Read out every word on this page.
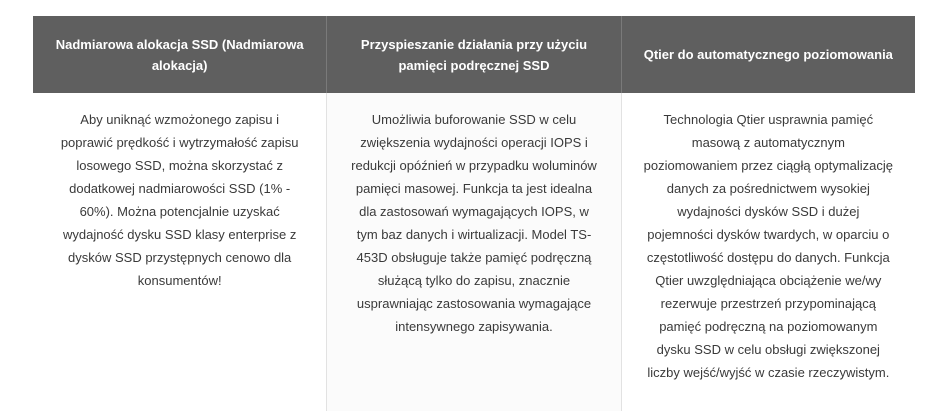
Nadmiarowa alokacja SSD (Nadmiarowa alokacja)
Przyspieszanie działania przy użyciu pamięci podręcznej SSD
Qtier do automatycznego poziomowania
Aby uniknąć wzmożonego zapisu i poprawić prędkość i wytrzymałość zapisu losowego SSD, można skorzystać z dodatkowej nadmiarowości SSD (1% - 60%). Można potencjalnie uzyskać wydajność dysku SSD klasy enterprise z dysków SSD przystępnych cenowo dla konsumentów!
Umożliwia buforowanie SSD w celu zwiększenia wydajności operacji IOPS i redukcji opóźnień w przypadku woluminów pamięci masowej. Funkcja ta jest idealna dla zastosowań wymagających IOPS, w tym baz danych i wirtualizacji. Model TS-453D obsługuje także pamięć podręczną służącą tylko do zapisu, znacznie usprawniając zastosowania wymagające intensywnego zapisywania.
Technologia Qtier usprawnia pamięć masową z automatycznym poziomowaniem przez ciągłą optymalizację danych za pośrednictwem wysokiej wydajności dysków SSD i dużej pojemności dysków twardych, w oparciu o częstotliwość dostępu do danych. Funkcja Qtier uwzględniająca obciążenie we/wy rezerwuje przestrzeń przypominającą pamięć podręczną na poziomowanym dysku SSD w celu obsługi zwiększonej liczby wejść/wyjść w czasie rzeczywistym.
